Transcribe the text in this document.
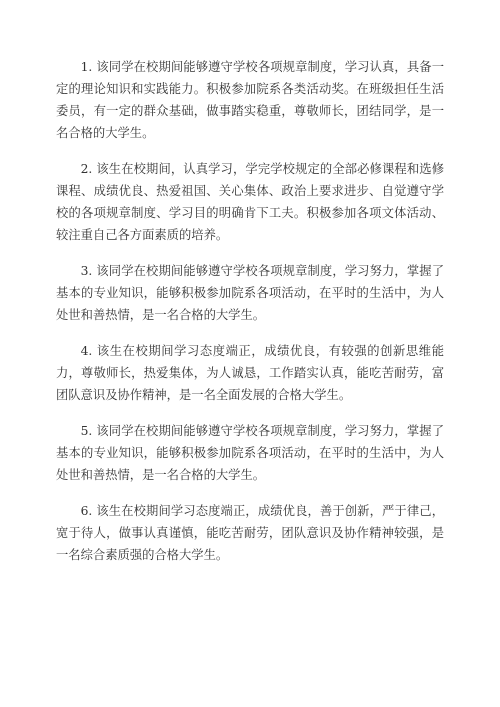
1. 该同学在校期间能够遵守学校各项规章制度，学习认真，具备一定的理论知识和实践能力。积极参加院系各类活动奖。在班级担任生活委员，有一定的群众基础，做事踏实稳重，尊敬师长，团结同学，是一名合格的大学生。

2. 该生在校期间，认真学习，学完学校规定的全部必修课程和选修课程、成绩优良、热爱祖国、关心集体、政治上要求进步、自觉遵守学校的各项规章制度、学习目的明确肯下工夫。积极参加各项文体活动、较注重自己各方面素质的培养。

3. 该同学在校期间能够遵守学校各项规章制度，学习努力，掌握了基本的专业知识，能够积极参加院系各项活动，在平时的生活中，为人处世和善热情，是一名合格的大学生。

4. 该生在校期间学习态度端正，成绩优良，有较强的创新思维能力，尊敬师长，热爱集体，为人诚恳，工作踏实认真，能吃苦耐劳，富团队意识及协作精神，是一名全面发展的合格大学生。

5. 该同学在校期间能够遵守学校各项规章制度，学习努力，掌握了基本的专业知识，能够积极参加院系各项活动，在平时的生活中，为人处世和善热情，是一名合格的大学生。

6. 该生在校期间学习态度端正，成绩优良，善于创新，严于律己，宽于待人，做事认真谨慎，能吃苦耐劳，团队意识及协作精神较强，是一名综合素质强的合格大学生。
